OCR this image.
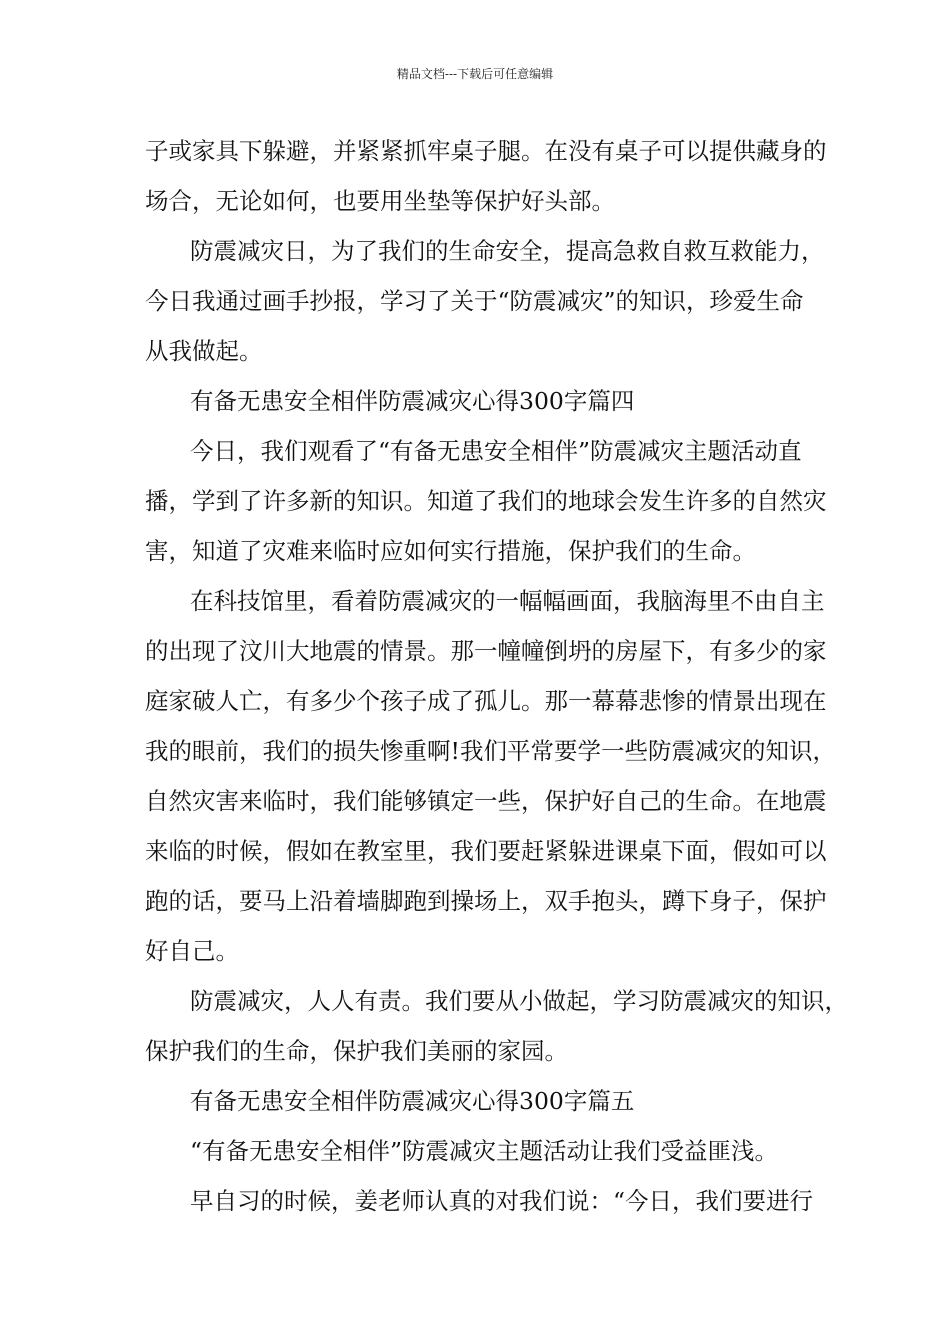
精品文档---下载后可任意编辑
子或家具下躲避，并紧紧抓牢桌子腿。在没有桌子可以提供藏身的
场合，无论如何，也要用坐垫等保护好头部。
防震减灾日，为了我们的生命安全，提高急救自救互救能力，
今日我通过画手抄报，学习了关于“防震减灾”的知识，珍爱生命
从我做起。
有备无患安全相伴防震减灾心得300字篇四
今日，我们观看了“有备无患安全相伴”防震减灾主题活动直
播，学到了许多新的知识。知道了我们的地球会发生许多的自然灾
害，知道了灾难来临时应如何实行措施，保护我们的生命。
在科技馆里，看着防震减灾的一幅幅画面，我脑海里不由自主
的出现了汶川大地震的情景。那一幢幢倒坍的房屋下，有多少的家
庭家破人亡，有多少个孩子成了孤儿。那一幕幕悲惨的情景出现在
我的眼前，我们的损失惨重啊!我们平常要学一些防震减灾的知识，
自然灾害来临时，我们能够镇定一些，保护好自己的生命。在地震
来临的时候，假如在教室里，我们要赶紧躲进课桌下面，假如可以
跑的话，要马上沿着墙脚跑到操场上，双手抱头，蹲下身子，保护
好自己。
防震减灾，人人有责。我们要从小做起，学习防震减灾的知识，
保护我们的生命，保护我们美丽的家园。
有备无患安全相伴防震减灾心得300字篇五
“有备无患安全相伴”防震减灾主题活动让我们受益匪浅。
早自习的时候，姜老师认真的对我们说：“今日，我们要进行
